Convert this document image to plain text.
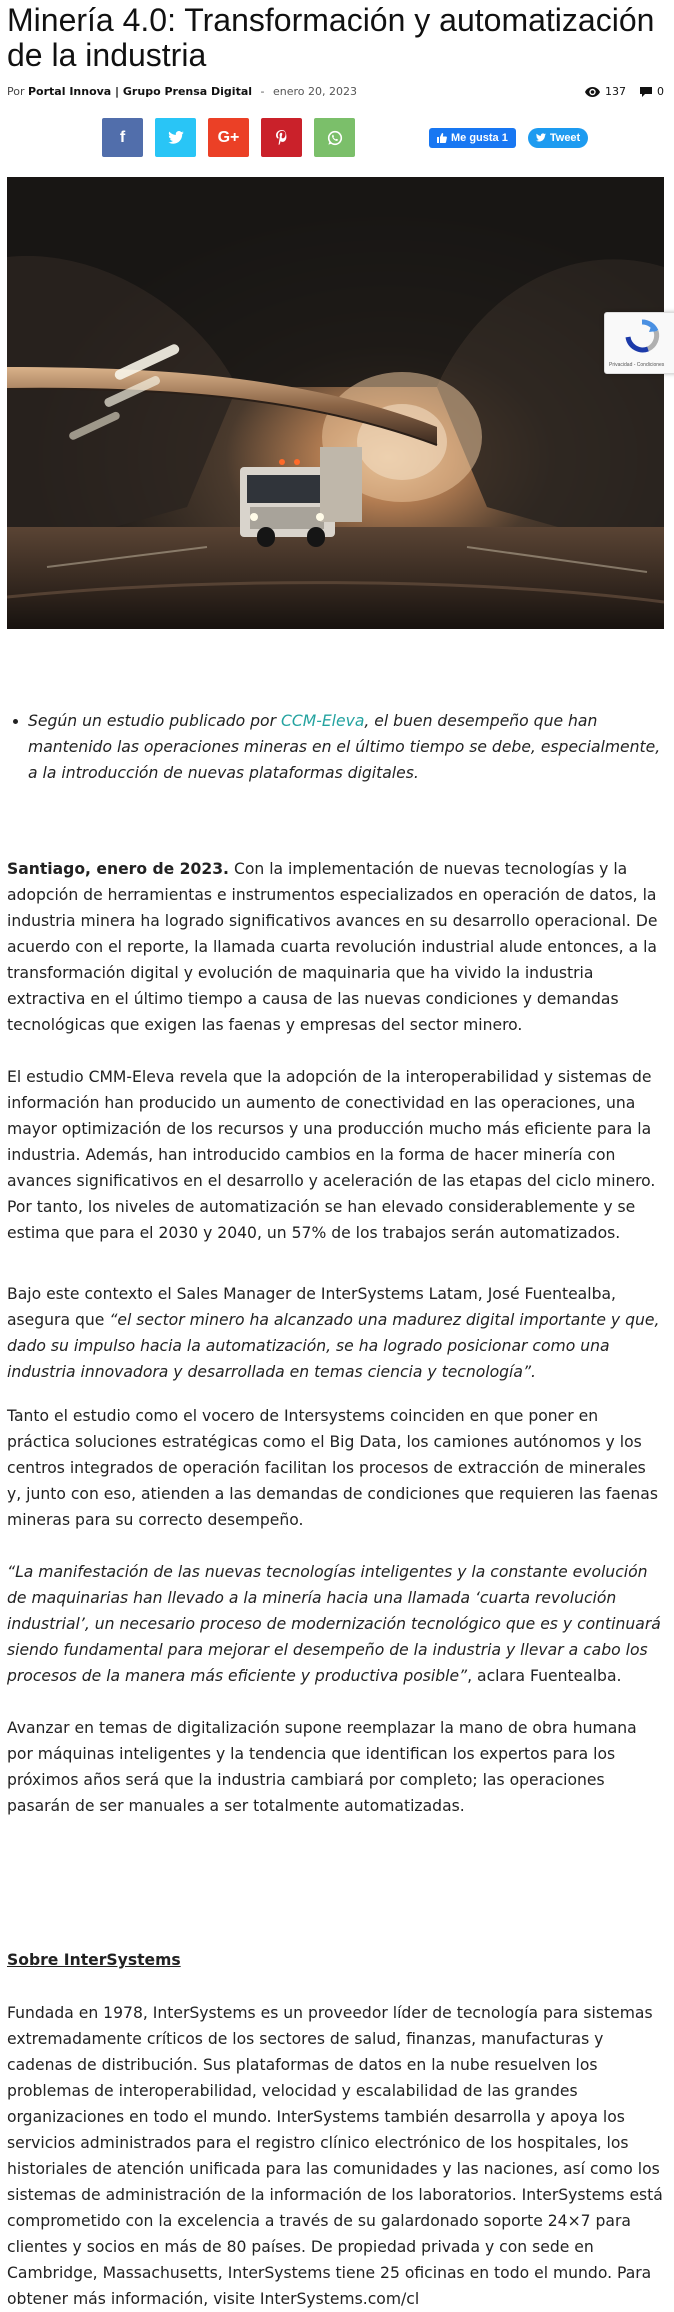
Minería 4.0: Transformación y automatización de la industria
Por Portal Innova | Grupo Prensa Digital - enero 20, 2023	137	0
f	G+	Me gusta 1	Tweet
Según un estudio publicado por CCM-Eleva, el buen desempeño que han mantenido las operaciones mineras en el último tiempo se debe, especialmente, a la introducción de nuevas plataformas digitales.

Santiago, enero de 2023. Con la implementación de nuevas tecnologías y la adopción de herramientas e instrumentos especializados en operación de datos, la industria minera ha logrado significativos avances en su desarrollo operacional. De acuerdo con el reporte, la llamada cuarta revolución industrial alude entonces, a la transformación digital y evolución de maquinaria que ha vivido la industria extractiva en el último tiempo a causa de las nuevas condiciones y demandas tecnológicas que exigen las faenas y empresas del sector minero.

El estudio CMM-Eleva revela que la adopción de la interoperabilidad y sistemas de información han producido un aumento de conectividad en las operaciones, una mayor optimización de los recursos y una producción mucho más eficiente para la industria. Además, han introducido cambios en la forma de hacer minería con avances significativos en el desarrollo y aceleración de las etapas del ciclo minero. Por tanto, los niveles de automatización se han elevado considerablemente y se estima que para el 2030 y 2040, un 57% de los trabajos serán automatizados.

Bajo este contexto el Sales Manager de InterSystems Latam, José Fuentealba, asegura que “el sector minero ha alcanzado una madurez digital importante y que, dado su impulso hacia la automatización, se ha logrado posicionar como una industria innovadora y desarrollada en temas ciencia y tecnología”.

Tanto el estudio como el vocero de Intersystems coinciden en que poner en práctica soluciones estratégicas como el Big Data, los camiones autónomos y los centros integrados de operación facilitan los procesos de extracción de minerales y, junto con eso, atienden a las demandas de condiciones que requieren las faenas mineras para su correcto desempeño.

“La manifestación de las nuevas tecnologías inteligentes y la constante evolución de maquinarias han llevado a la minería hacia una llamada ‘cuarta revolución industrial’, un necesario proceso de modernización tecnológico que es y continuará siendo fundamental para mejorar el desempeño de la industria y llevar a cabo los procesos de la manera más eficiente y productiva posible”, aclara Fuentealba.

Avanzar en temas de digitalización supone reemplazar la mano de obra humana por máquinas inteligentes y la tendencia que identifican los expertos para los próximos años será que la industria cambiará por completo; las operaciones pasarán de ser manuales a ser totalmente automatizadas.

Sobre InterSystems

Fundada en 1978, InterSystems es un proveedor líder de tecnología para sistemas extremadamente críticos de los sectores de salud, finanzas, manufacturas y cadenas de distribución. Sus plataformas de datos en la nube resuelven los problemas de interoperabilidad, velocidad y escalabilidad de las grandes organizaciones en todo el mundo. InterSystems también desarrolla y apoya los servicios administrados para el registro clínico electrónico de los hospitales, los historiales de atención unificada para las comunidades y las naciones, así como los sistemas de administración de la información de los laboratorios. InterSystems está comprometido con la excelencia a través de su galardonado soporte 24×7 para clientes y socios en más de 80 países. De propiedad privada y con sede en Cambridge, Massachusetts, InterSystems tiene 25 oficinas en todo el mundo. Para obtener más información, visite InterSystems.com/cl

Privacidad - Condiciones
